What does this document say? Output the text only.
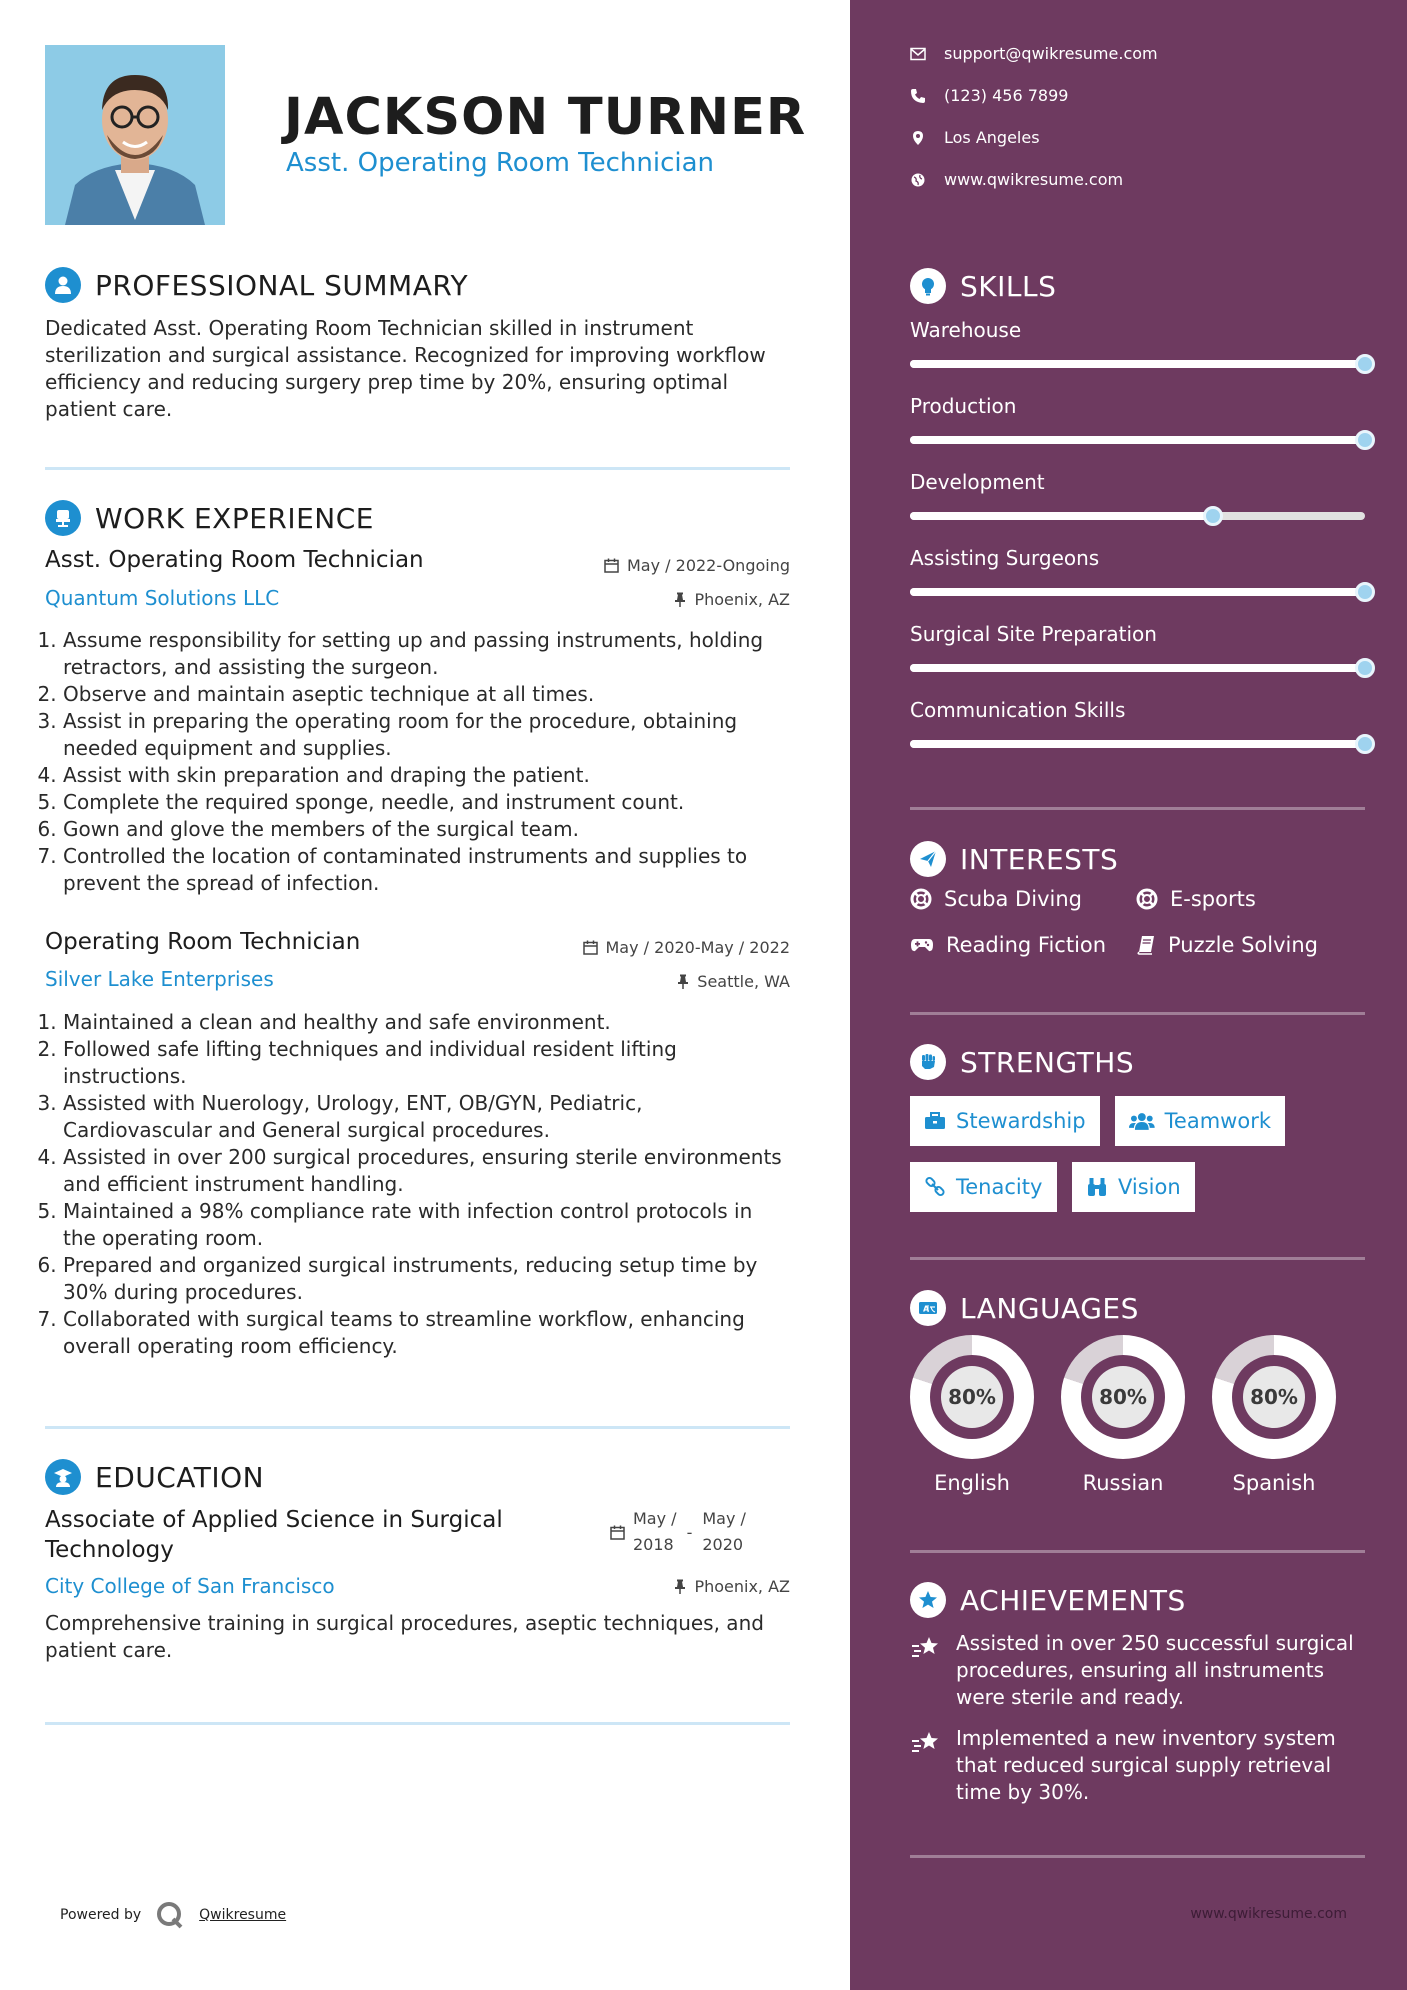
JACKSON TURNER
Asst. Operating Room Technician
PROFESSIONAL SUMMARY
Dedicated Asst. Operating Room Technician skilled in instrument sterilization and surgical assistance. Recognized for improving workflow efficiency and reducing surgery prep time by 20%, ensuring optimal patient care.
WORK EXPERIENCE
Asst. Operating Room Technician	May / 2022-Ongoing
Quantum Solutions LLC	Phoenix, AZ
1. Assume responsibility for setting up and passing instruments, holding retractors, and assisting the surgeon.
2. Observe and maintain aseptic technique at all times.
3. Assist in preparing the operating room for the procedure, obtaining needed equipment and supplies.
4. Assist with skin preparation and draping the patient.
5. Complete the required sponge, needle, and instrument count.
6. Gown and glove the members of the surgical team.
7. Controlled the location of contaminated instruments and supplies to prevent the spread of infection.
Operating Room Technician	May / 2020-May / 2022
Silver Lake Enterprises	Seattle, WA
1. Maintained a clean and healthy and safe environment.
2. Followed safe lifting techniques and individual resident lifting instructions.
3. Assisted with Nuerology, Urology, ENT, OB/GYN, Pediatric, Cardiovascular and General surgical procedures.
4. Assisted in over 200 surgical procedures, ensuring sterile environments and efficient instrument handling.
5. Maintained a 98% compliance rate with infection control protocols in the operating room.
6. Prepared and organized surgical instruments, reducing setup time by 30% during procedures.
7. Collaborated with surgical teams to streamline workflow, enhancing overall operating room efficiency.
EDUCATION
Associate of Applied Science in Surgical
Technology
May /
2018
-
May /
2020
City College of San Francisco	Phoenix, AZ
Comprehensive training in surgical procedures, aseptic techniques, and patient care.
Powered by	Qwikresume
support@qwikresume.com
(123) 456 7899
Los Angeles
www.qwikresume.com
SKILLS
Warehouse
Production
Development
Assisting Surgeons
Surgical Site Preparation
Communication Skills
INTERESTS
Scuba Diving	E-sports
Reading Fiction	Puzzle Solving
STRENGTHS
Stewardship	Teamwork
Tenacity	Vision
A LANGUAGES
80%
English
80%
Russian
80%
Spanish
ACHIEVEMENTS
Assisted in over 250 successful surgical procedures, ensuring all instruments were sterile and ready.
Implemented a new inventory system that reduced surgical supply retrieval time by 30%.
www.qwikresume.com
